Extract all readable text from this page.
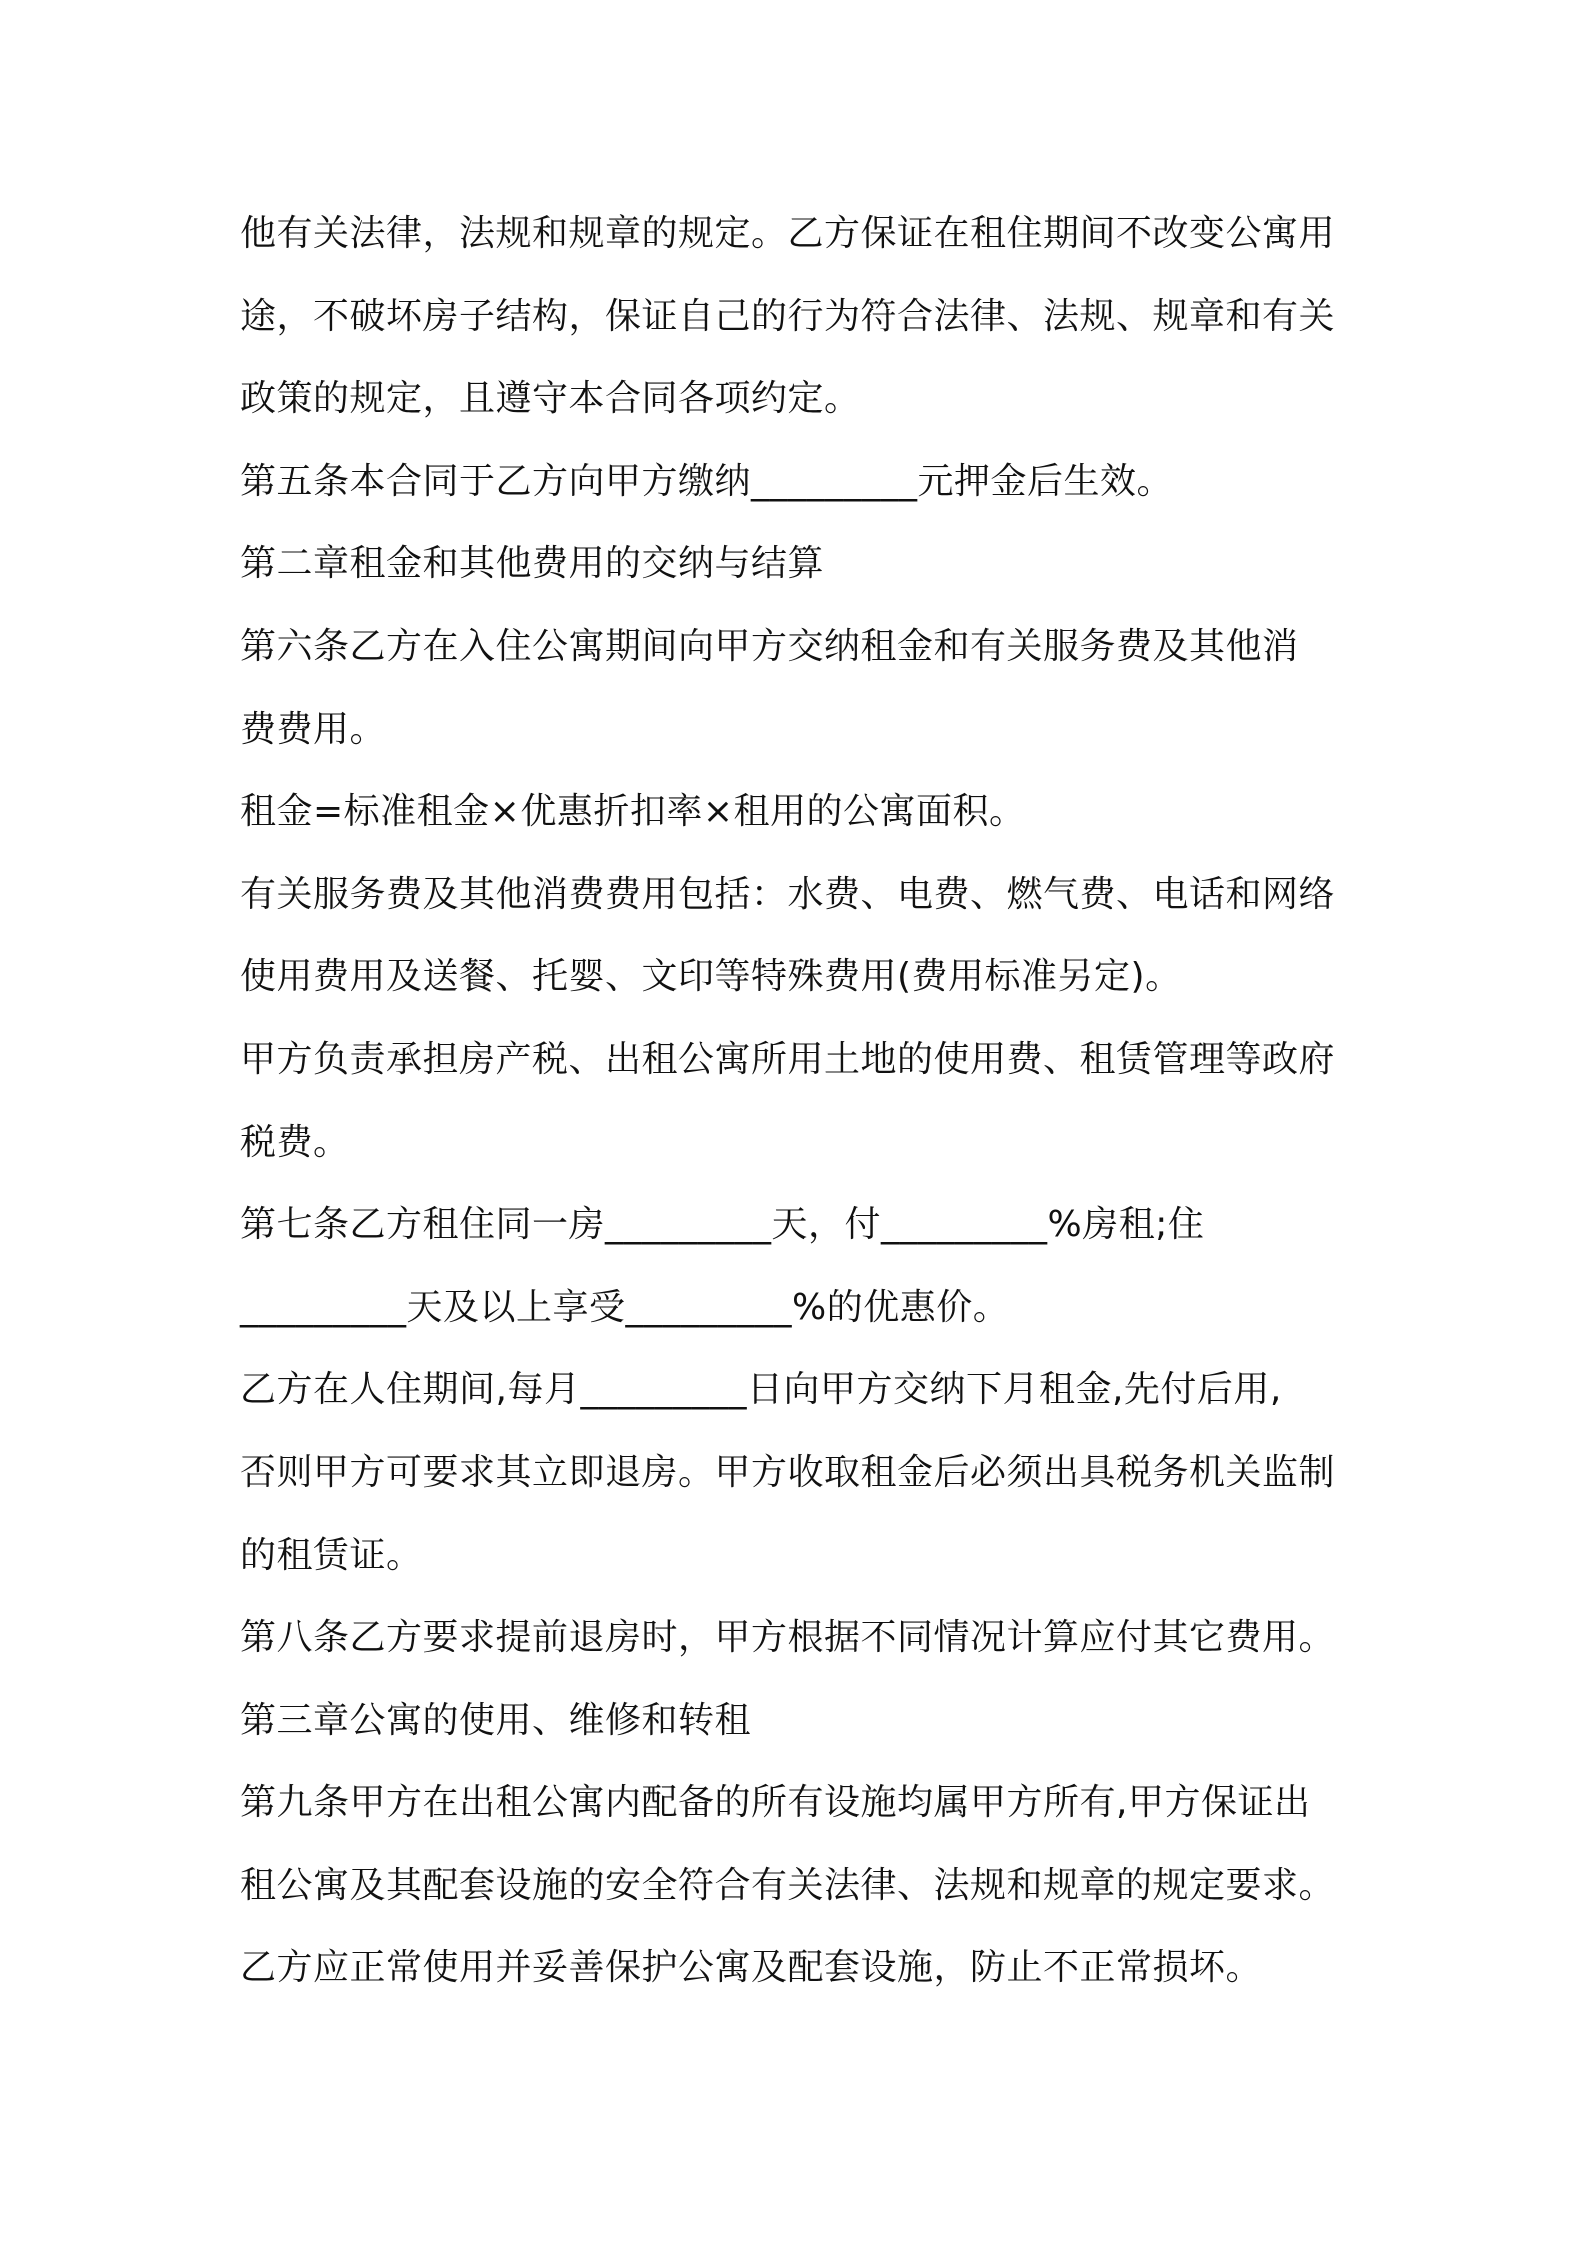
他有关法律，法规和规章的规定。乙方保证在租住期间不改变公寓用
途，不破坏房子结构，保证自己的行为符合法律、法规、规章和有关
政策的规定，且遵守本合同各项约定。
第五条本合同于乙方向甲方缴纳_________元押金后生效。
第二章租金和其他费用的交纳与结算
第六条乙方在入住公寓期间向甲方交纳租金和有关服务费及其他消
费费用。
租金=标准租金×优惠折扣率×租用的公寓面积。
有关服务费及其他消费费用包括：水费、电费、燃气费、电话和网络
使用费用及送餐、托婴、文印等特殊费用(费用标准另定)。
甲方负责承担房产税、出租公寓所用土地的使用费、租赁管理等政府
税费。
第七条乙方租住同一房_________天，付_________%房租;住
_________天及以上享受_________%的优惠价。
乙方在人住期间,每月_________日向甲方交纳下月租金,先付后用,
否则甲方可要求其立即退房。甲方收取租金后必须出具税务机关监制
的租赁证。
第八条乙方要求提前退房时，甲方根据不同情况计算应付其它费用。
第三章公寓的使用、维修和转租
第九条甲方在出租公寓内配备的所有设施均属甲方所有,甲方保证出
租公寓及其配套设施的安全符合有关法律、法规和规章的规定要求。
乙方应正常使用并妥善保护公寓及配套设施，防止不正常损坏。
